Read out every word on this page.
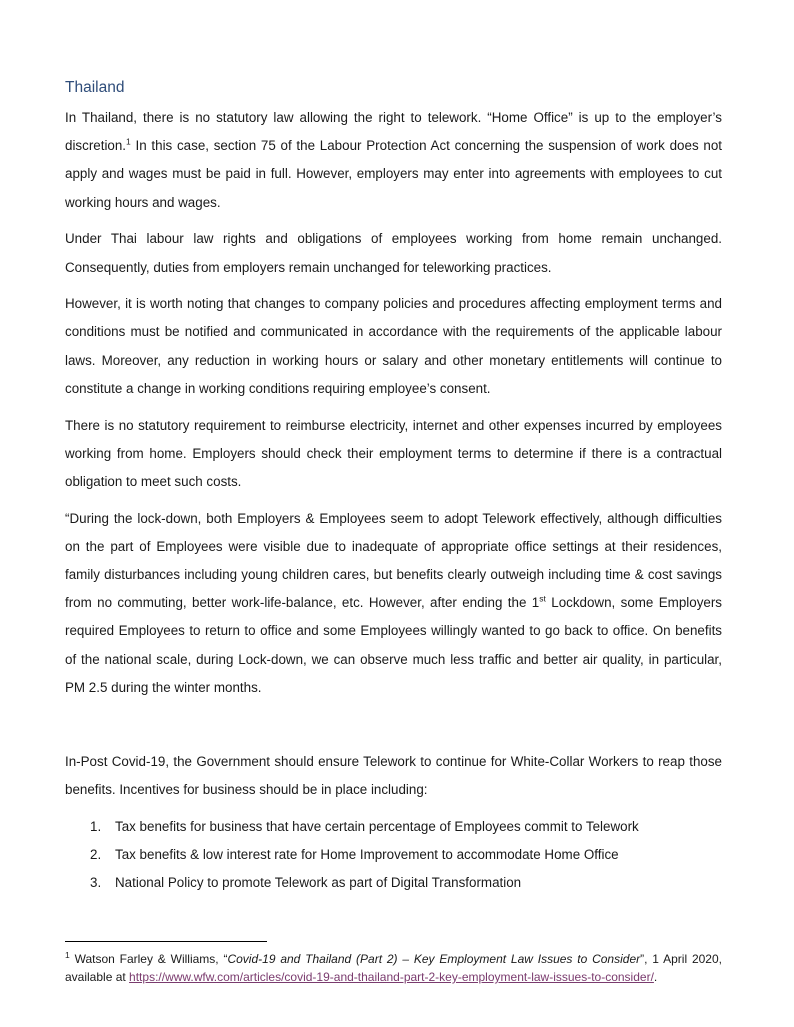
Thailand

In Thailand, there is no statutory law allowing the right to telework. “Home Office” is up to the employer’s discretion.$^1$ In this case, section 75 of the Labour Protection Act concerning the suspension of work does not apply and wages must be paid in full. However, employers may enter into agreements with employees to cut working hours and wages.

Under Thai labour law rights and obligations of employees working from home remain unchanged. Consequently, duties from employers remain unchanged for teleworking practices.

However, it is worth noting that changes to company policies and procedures affecting employment terms and conditions must be notified and communicated in accordance with the requirements of the applicable labour laws. Moreover, any reduction in working hours or salary and other monetary entitlements will continue to constitute a change in working conditions requiring employee’s consent.

There is no statutory requirement to reimburse electricity, internet and other expenses incurred by employees working from home. Employers should check their employment terms to determine if there is a contractual obligation to meet such costs.

“During the lock-down, both Employers & Employees seem to adopt Telework effectively, although difficulties on the part of Employees were visible due to inadequate of appropriate office settings at their residences, family disturbances including young children cares, but benefits clearly outweigh including time & cost savings from no commuting, better work-life-balance, etc. However, after ending the 1st Lockdown, some Employers required Employees to return to office and some Employees willingly wanted to go back to office. On benefits of the national scale, during Lock-down, we can observe much less traffic and better air quality, in particular, PM 2.5 during the winter months.

In-Post Covid-19, the Government should ensure Telework to continue for White-Collar Workers to reap those benefits. Incentives for business should be in place including:

1.	Tax benefits for business that have certain percentage of Employees commit to Telework
2.	Tax benefits & low interest rate for Home Improvement to accommodate Home Office
3.	National Policy to promote Telework as part of Digital Transformation
$^1$ Watson Farley & Williams, “Covid-19 and Thailand (Part 2) – Key Employment Law Issues to Consider”, 1 April 2020, available at https://www.wfw.com/articles/covid-19-and-thailand-part-2-key-employment-law-issues-to-consider/.
